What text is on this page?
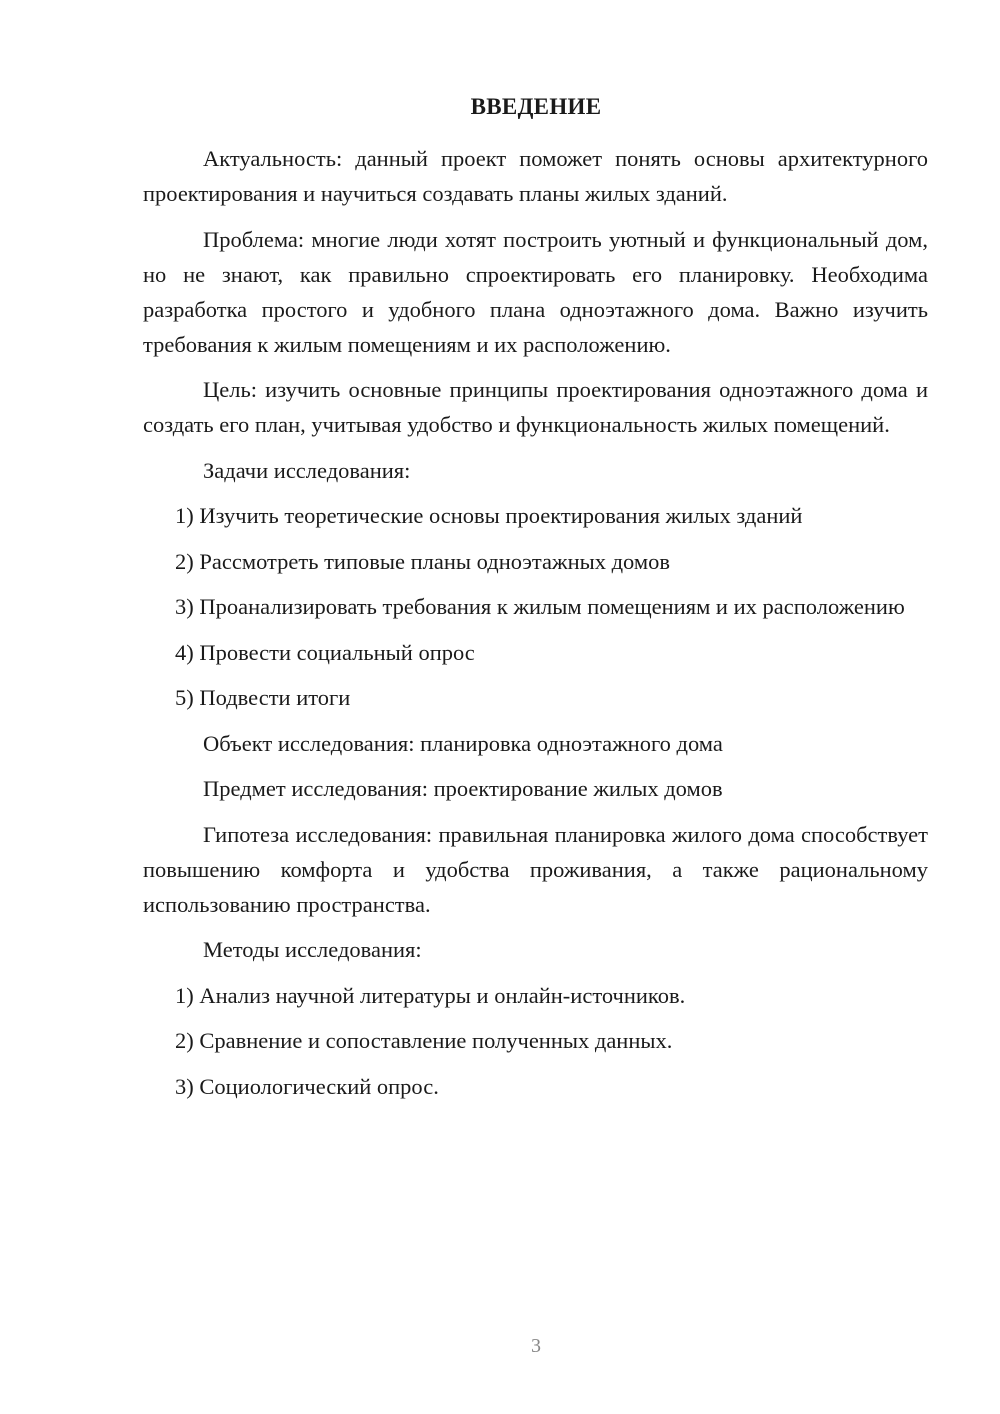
ВВЕДЕНИЕ

Актуальность: данный проект поможет понять основы архитектурного проектирования и научиться создавать планы жилых зданий.

Проблема: многие люди хотят построить уютный и функциональный дом, но не знают, как правильно спроектировать его планировку. Необходима разработка простого и удобного плана одноэтажного дома. Важно изучить требования к жилым помещениям и их расположению.

Цель: изучить основные принципы проектирования одноэтажного дома и создать его план, учитывая удобство и функциональность жилых помещений.

Задачи исследования:

1) Изучить теоретические основы проектирования жилых зданий

2) Рассмотреть типовые планы одноэтажных домов

3) Проанализировать требования к жилым помещениям и их расположению

4) Провести социальный опрос

5) Подвести итоги

Объект исследования: планировка одноэтажного дома

Предмет исследования: проектирование жилых домов

Гипотеза исследования: правильная планировка жилого дома способствует повышению комфорта и удобства проживания, а также рациональному использованию пространства.

Методы исследования:

1) Анализ научной литературы и онлайн-источников.

2) Сравнение и сопоставление полученных данных.

3) Социологический опрос.

3
